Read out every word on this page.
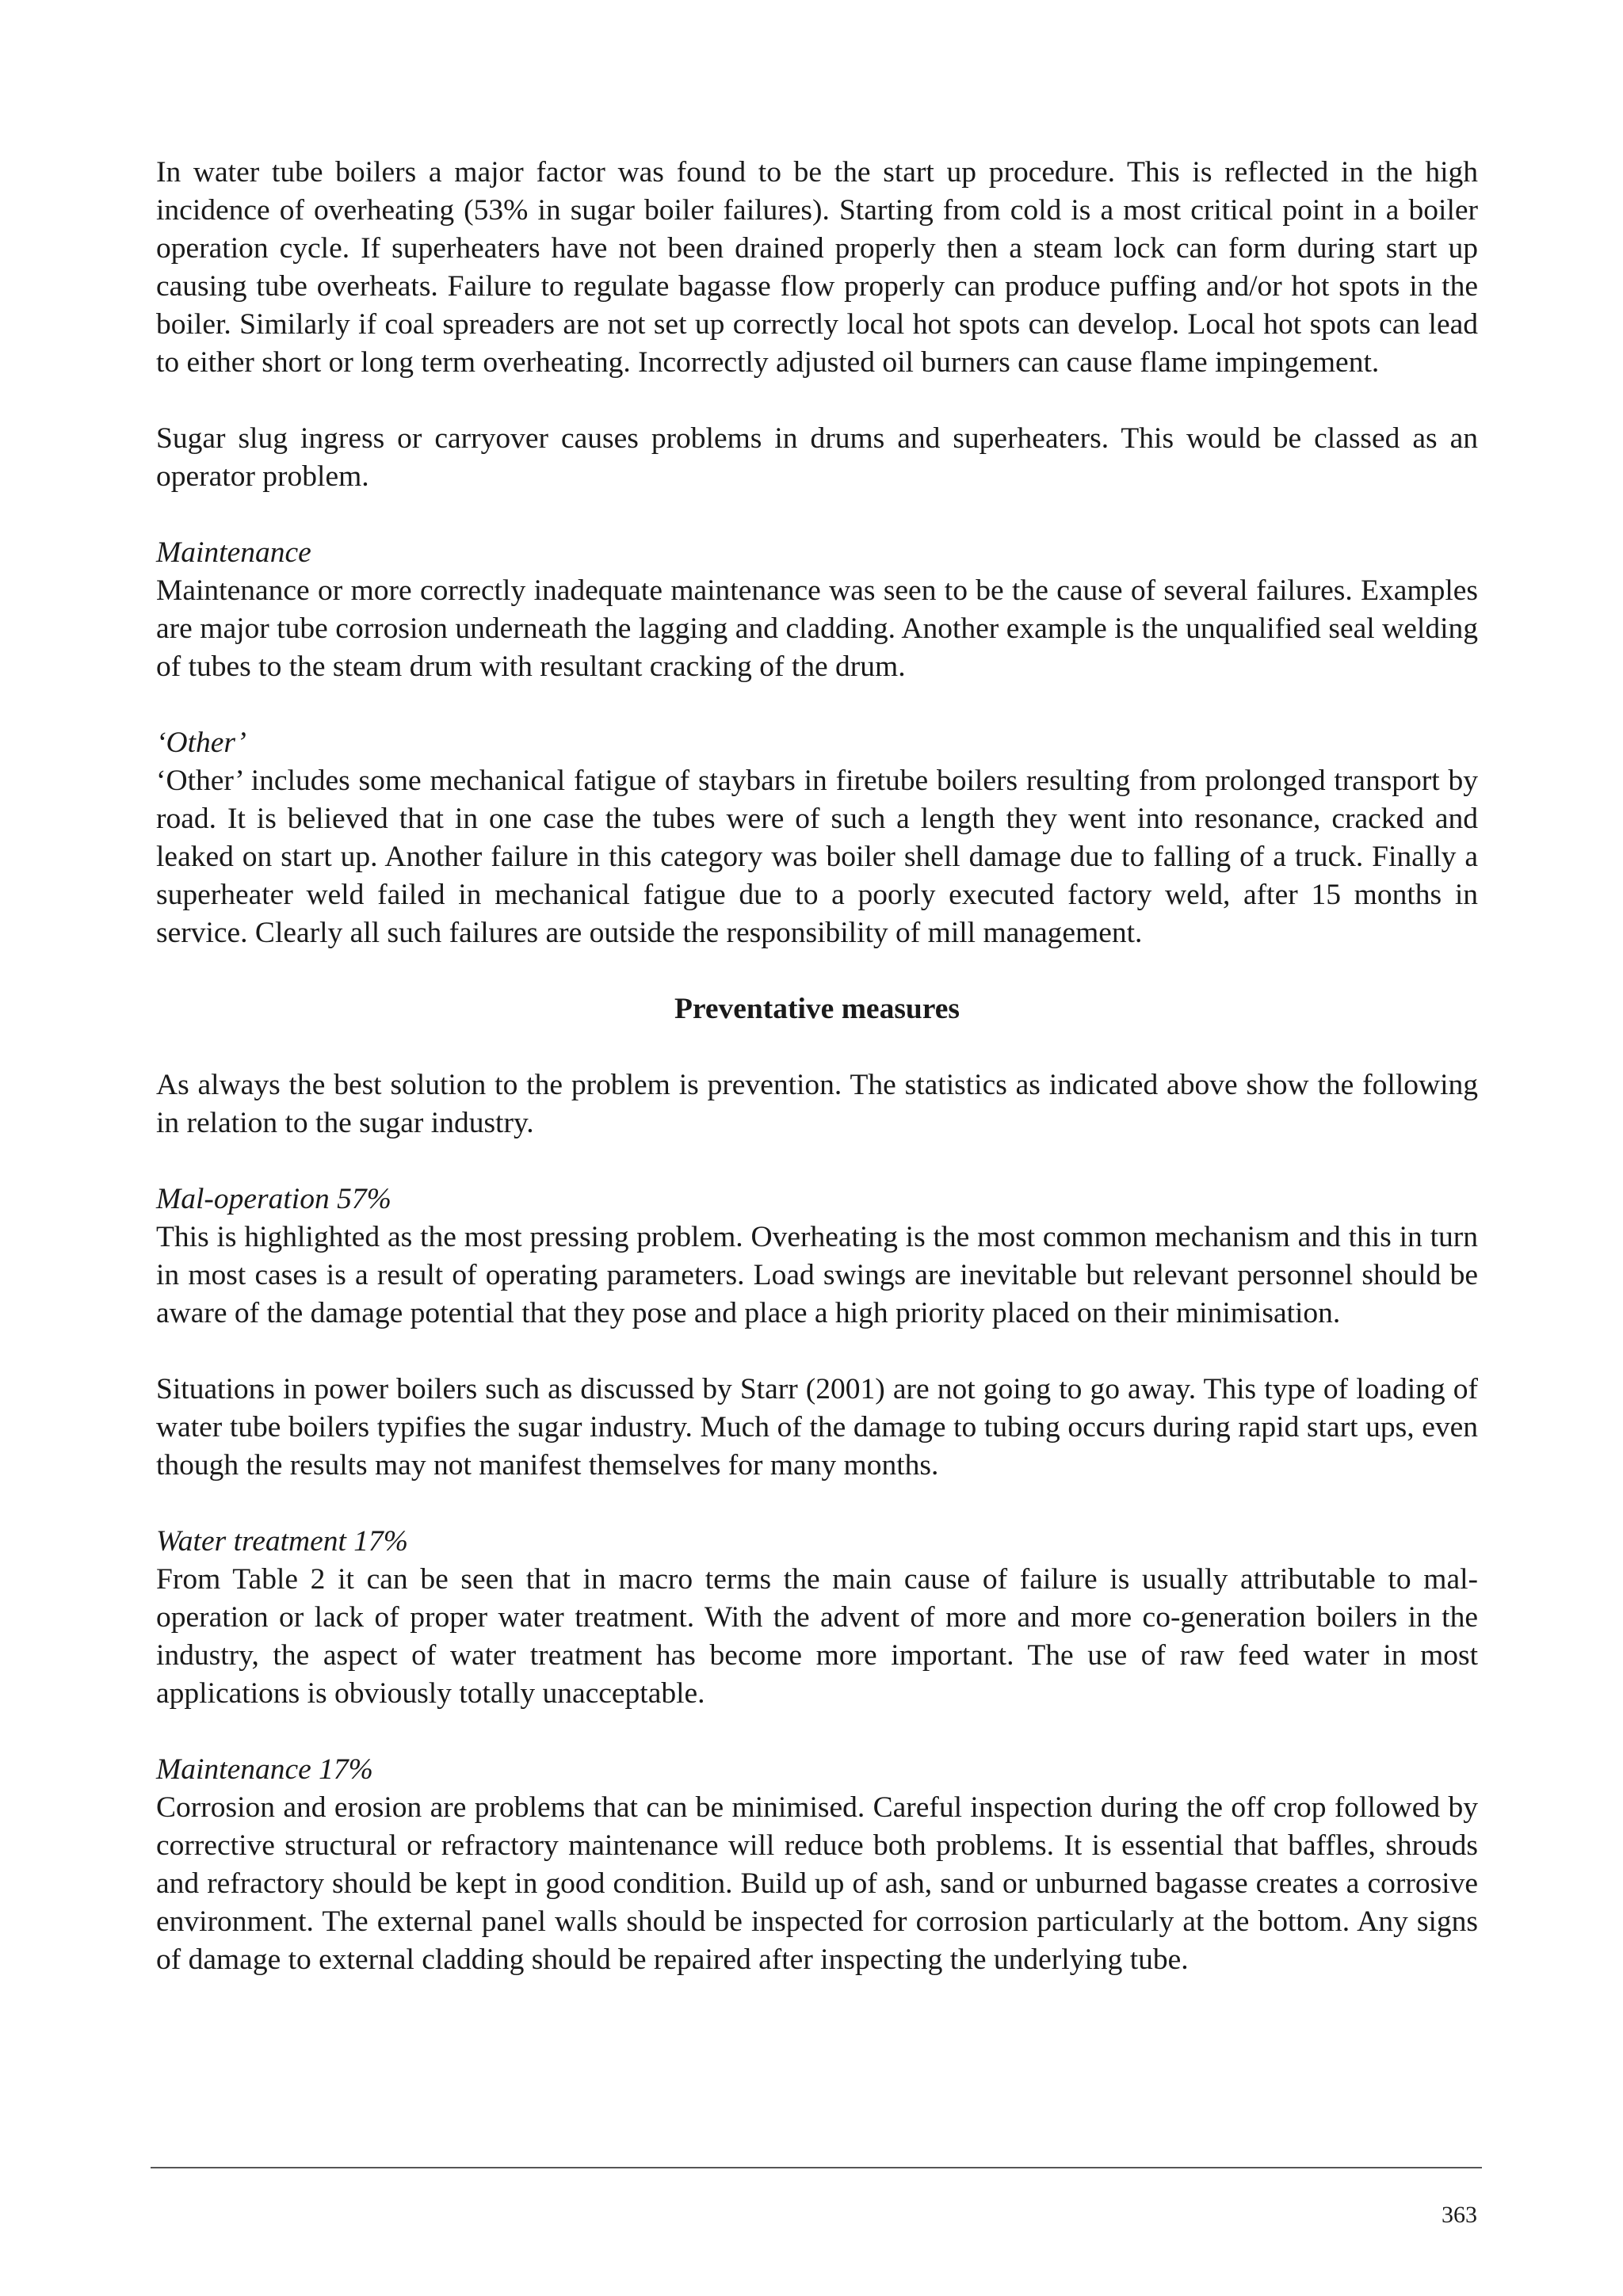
In water tube boilers a major factor was found to be the start up procedure. This is reflected in the high incidence of overheating (53% in sugar boiler failures). Starting from cold is a most critical point in a boiler operation cycle. If superheaters have not been drained properly then a steam lock can form during start up causing tube overheats. Failure to regulate bagasse flow properly can produce puffing and/or hot spots in the boiler. Similarly if coal spreaders are not set up correctly local hot spots can develop. Local hot spots can lead to either short or long term overheating. Incorrectly adjusted oil burners can cause flame impingement.

Sugar slug ingress or carryover causes problems in drums and superheaters. This would be classed as an operator problem.

Maintenance
Maintenance or more correctly inadequate maintenance was seen to be the cause of several failures. Examples are major tube corrosion underneath the lagging and cladding. Another example is the unqualified seal welding of tubes to the steam drum with resultant cracking of the drum.
‘Other’
‘Other’ includes some mechanical fatigue of staybars in firetube boilers resulting from prolonged transport by road. It is believed that in one case the tubes were of such a length they went into resonance, cracked and leaked on start up. Another failure in this category was boiler shell damage due to falling of a truck. Finally a superheater weld failed in mechanical fatigue due to a poorly executed factory weld, after 15 months in service. Clearly all such failures are outside the responsibility of mill management.
Preventative measures

As always the best solution to the problem is prevention. The statistics as indicated above show the following in relation to the sugar industry.

Mal-operation 57%
This is highlighted as the most pressing problem. Overheating is the most common mechanism and this in turn in most cases is a result of operating parameters. Load swings are inevitable but relevant personnel should be aware of the damage potential that they pose and place a high priority placed on their minimisation.

Situations in power boilers such as discussed by Starr (2001) are not going to go away. This type of loading of water tube boilers typifies the sugar industry. Much of the damage to tubing occurs during rapid start ups, even though the results may not manifest themselves for many months.

Water treatment 17%
From Table 2 it can be seen that in macro terms the main cause of failure is usually attributable to mal-operation or lack of proper water treatment. With the advent of more and more co-generation boilers in the industry, the aspect of water treatment has become more important. The use of raw feed water in most applications is obviously totally unacceptable.
Maintenance 17%
Corrosion and erosion are problems that can be minimised. Careful inspection during the off crop followed by corrective structural or refractory maintenance will reduce both problems. It is essential that baffles, shrouds and refractory should be kept in good condition. Build up of ash, sand or unburned bagasse creates a corrosive environment. The external panel walls should be inspected for corrosion particularly at the bottom. Any signs of damage to external cladding should be repaired after inspecting the underlying tube.
363
